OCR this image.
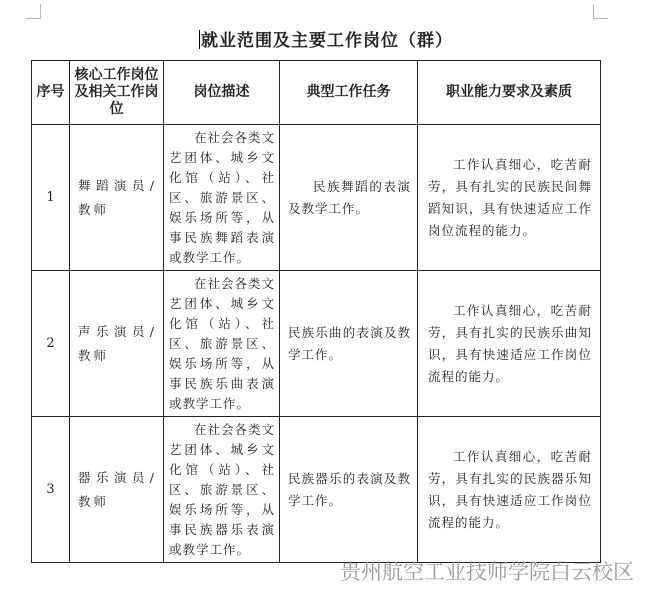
就业范围及主要工作岗位（群）
序号	核心工作岗位及相关工作岗位	岗位描述	典型工作任务	职业能力要求及素质
1	舞蹈演员/教师	在社会各类文艺团体、城乡文化馆（站）、社区、旅游景区、娱乐场所等，从事民族舞蹈表演或教学工作。	民族舞蹈的表演及教学工作。	工作认真细心，吃苦耐劳，具有扎实的民族民间舞蹈知识，具有快速适应工作岗位流程的能力。
2	声乐演员/教师	在社会各类文艺团体、城乡文化馆（站）、社区、旅游景区、娱乐场所等，从事民族乐曲表演或教学工作。	民族乐曲的表演及教学工作。	工作认真细心，吃苦耐劳，具有扎实的民族乐曲知识，具有快速适应工作岗位流程的能力。
3	器乐演员/教师	在社会各类文艺团体、城乡文化馆（站）、社区、旅游景区、娱乐场所等，从事民族器乐表演或教学工作。	民族器乐的表演及教学工作。	工作认真细心，吃苦耐劳，具有扎实的民族器乐知识，具有快速适应工作岗位流程的能力。
贵州航空工业技师学院白云校区
